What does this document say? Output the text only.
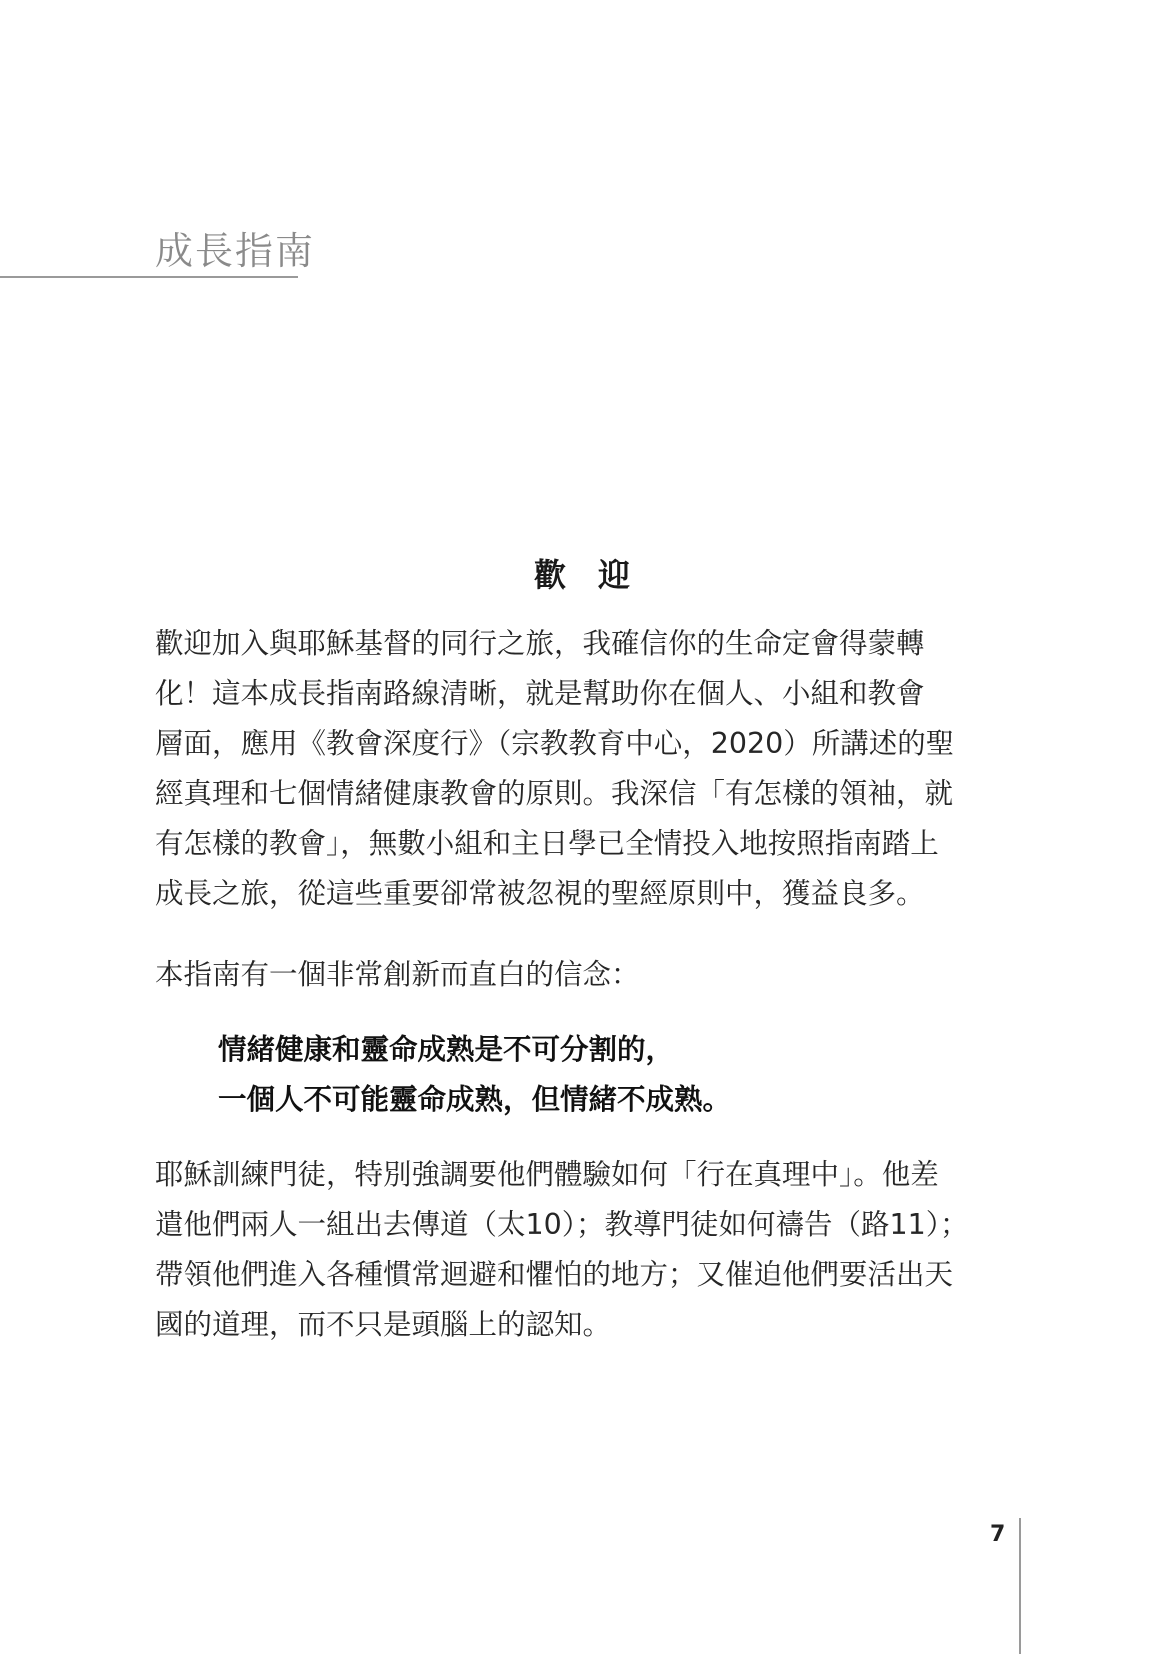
成長指南
歡　迎

歡迎加入與耶穌基督的同行之旅，我確信你的生命定會得蒙轉
化！這本成長指南路線清晰，就是幫助你在個人、小組和教會
層面，應用《教會深度行》（宗教教育中心，2020）所講述的聖
經真理和七個情緒健康教會的原則。我深信「有怎樣的領袖，就
有怎樣的教會」，無數小組和主日學已全情投入地按照指南踏上
成長之旅，從這些重要卻常被忽視的聖經原則中，獲益良多。

本指南有一個非常創新而直白的信念：

情緒健康和靈命成熟是不可分割的，
一個人不可能靈命成熟，但情緒不成熟。

耶穌訓練門徒，特別強調要他們體驗如何「行在真理中」。他差
遣他們兩人一組出去傳道（太10）；教導門徒如何禱告（路11）；
帶領他們進入各種慣常迴避和懼怕的地方；又催迫他們要活出天
國的道理，而不只是頭腦上的認知。

7
